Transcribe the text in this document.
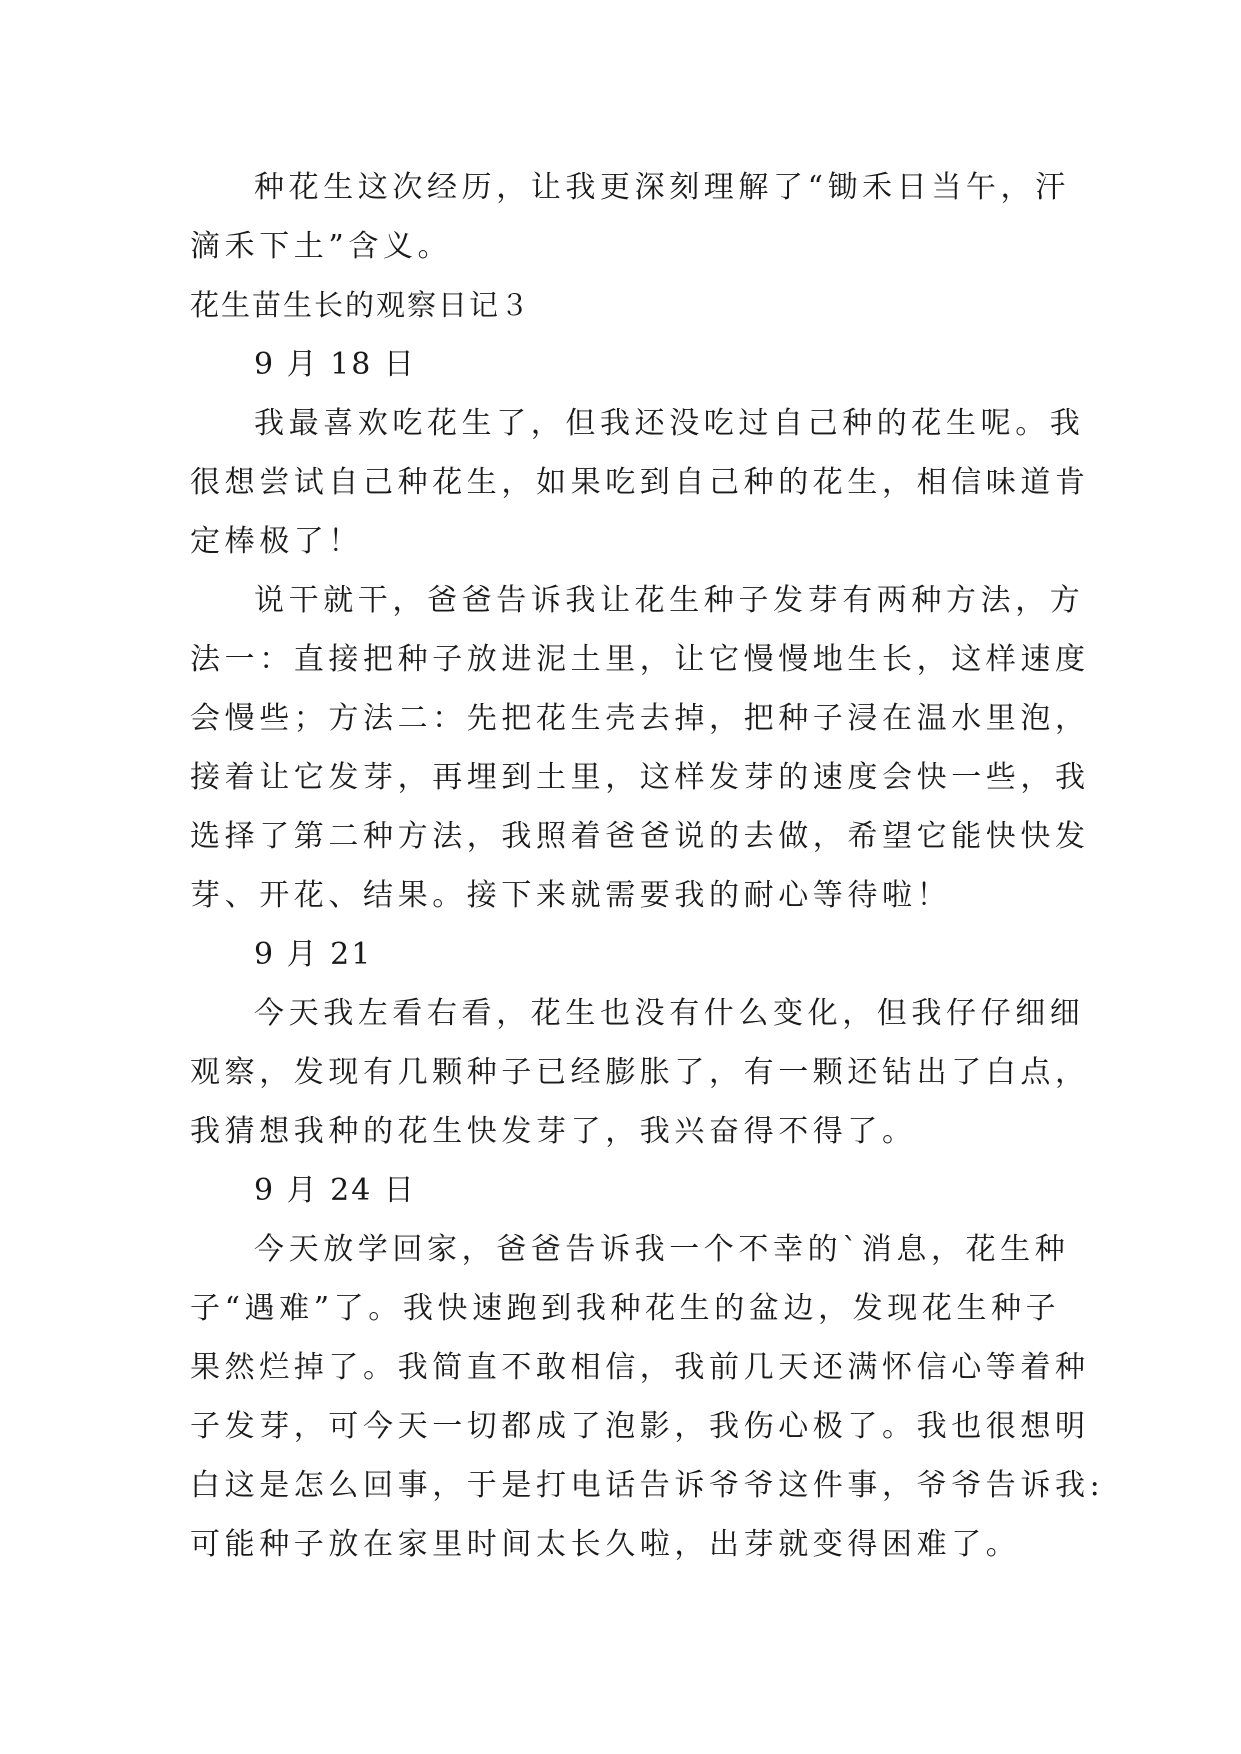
种花生这次经历，让我更深刻理解了“锄禾日当午，汗
滴禾下土”含义。
花生苗生长的观察日记３
9 月 18 日
我最喜欢吃花生了，但我还没吃过自己种的花生呢。我
很想尝试自己种花生，如果吃到自己种的花生，相信味道肯
定棒极了！
说干就干，爸爸告诉我让花生种子发芽有两种方法，方
法一：直接把种子放进泥土里，让它慢慢地生长，这样速度
会慢些；方法二：先把花生壳去掉，把种子浸在温水里泡，
接着让它发芽，再埋到土里，这样发芽的速度会快一些，我
选择了第二种方法，我照着爸爸说的去做，希望它能快快发
芽、开花、结果。接下来就需要我的耐心等待啦！
9 月 21
今天我左看右看，花生也没有什么变化，但我仔仔细细
观察，发现有几颗种子已经膨胀了，有一颗还钻出了白点，
我猜想我种的花生快发芽了，我兴奋得不得了。
9 月 24 日
今天放学回家，爸爸告诉我一个不幸的`消息，花生种
子“遇难”了。我快速跑到我种花生的盆边，发现花生种子
果然烂掉了。我简直不敢相信，我前几天还满怀信心等着种
子发芽，可今天一切都成了泡影，我伤心极了。我也很想明
白这是怎么回事，于是打电话告诉爷爷这件事，爷爷告诉我:
可能种子放在家里时间太长久啦，出芽就变得困难了。
